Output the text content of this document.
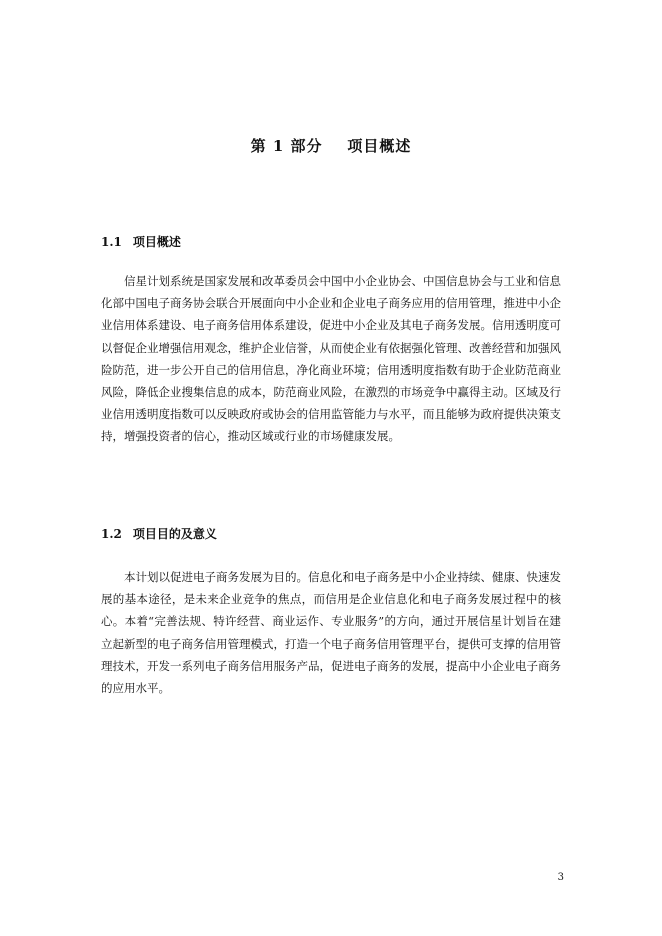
第 1 部分    项目概述
1.1 项目概述

信星计划系统是国家发展和改革委员会中国中小企业协会、中国信息协会与工业和信息化部中国电子商务协会联合开展面向中小企业和企业电子商务应用的信用管理，推进中小企业信用体系建设、电子商务信用体系建设，促进中小企业及其电子商务发展。信用透明度可以督促企业增强信用观念，维护企业信誉，从而使企业有依据强化管理、改善经营和加强风险防范，进一步公开自己的信用信息，净化商业环境；信用透明度指数有助于企业防范商业风险，降低企业搜集信息的成本，防范商业风险，在激烈的市场竞争中赢得主动。区域及行业信用透明度指数可以反映政府或协会的信用监管能力与水平，而且能够为政府提供决策支持，增强投资者的信心，推动区域或行业的市场健康发展。

1.2 项目目的及意义

本计划以促进电子商务发展为目的。信息化和电子商务是中小企业持续、健康、快速发展的基本途径，是未来企业竞争的焦点，而信用是企业信息化和电子商务发展过程中的核心。本着“完善法规、特许经营、商业运作、专业服务”的方向，通过开展信星计划旨在建立起新型的电子商务信用管理模式，打造一个电子商务信用管理平台，提供可支撑的信用管理技术，开发一系列电子商务信用服务产品，促进电子商务的发展，提高中小企业电子商务的应用水平。

3
